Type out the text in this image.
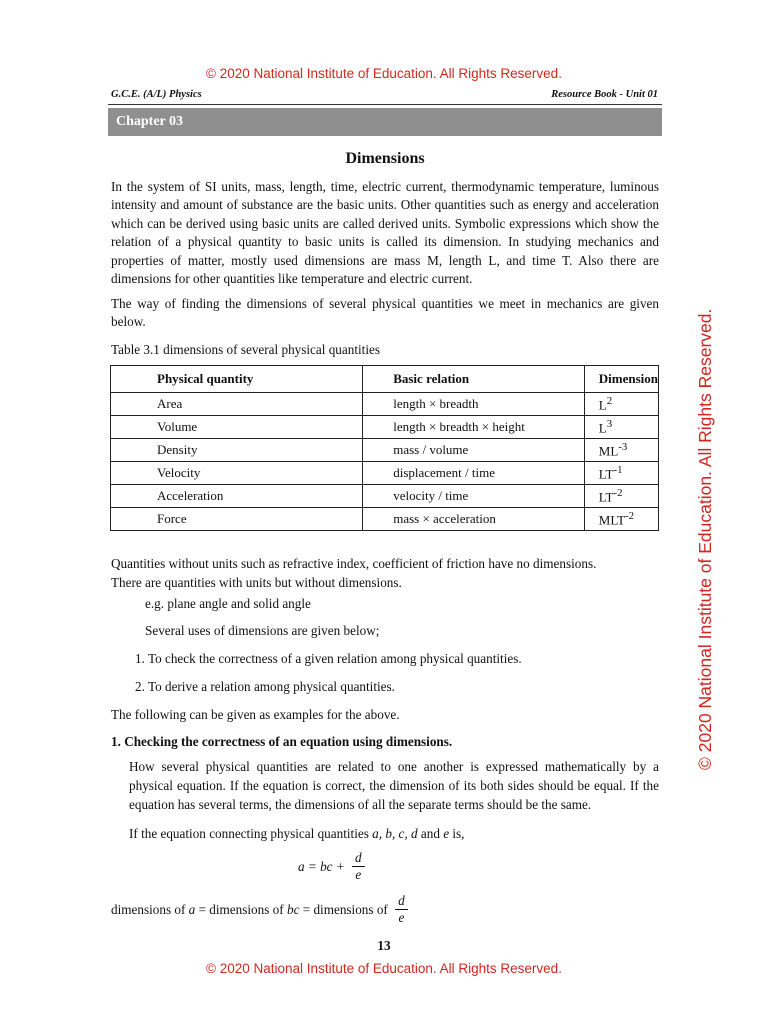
© 2020 National Institute of Education. All Rights Reserved.
G.C.E. (A/L) Physics	Resource Book - Unit 01
Chapter 03
Dimensions
In the system of SI units, mass, length, time, electric current, thermodynamic temperature, luminous intensity and amount of substance are the basic units. Other quantities such as energy and acceleration which can be derived using basic units are called derived units. Symbolic expressions which show the relation of a physical quantity to basic units is called its dimension. In studying mechanics and properties of matter, mostly used dimensions are mass M, length L, and time T. Also there are dimensions for other quantities like temperature and electric current.
The way of finding the dimensions of several physical quantities we meet in mechanics are given below.
Table 3.1 dimensions of several physical quantities
Physical quantity	Basic relation	Dimension
Area	length × breadth	$L^2$
Volume	length × breadth × height	$L^3$
Density	mass / volume	$ML^{-3}$
Velocity	displacement / time	$LT^{-1}$
Acceleration	velocity / time	$LT^{-2}$
Force	mass × acceleration	$MLT^{-2}$
Quantities without units such as refractive index, coefficient of friction have no dimensions.
There are quantities with units but without dimensions.
e.g. plane angle and solid angle
Several uses of dimensions are given below;
1. To check the correctness of a given relation among physical quantities.
2. To derive a relation among physical quantities.
The following can be given as examples for the above.
1. Checking the correctness of an equation using dimensions.
How several physical quantities are related to one another is expressed mathematically by a physical equation. If the equation is correct, the dimension of its both sides should be equal. If the equation has several terms, the dimensions of all the separate terms should be the same.
If the equation connecting physical quantities a, b, c, d and e is,
a = bc + $\frac{d}{e}$
dimensions of a = dimensions of bc = dimensions of $\frac{d}{e}$
13
© 2020 National Institute of Education. All Rights Reserved.
© 2020 National Institute of Education. All Rights Reserved.
